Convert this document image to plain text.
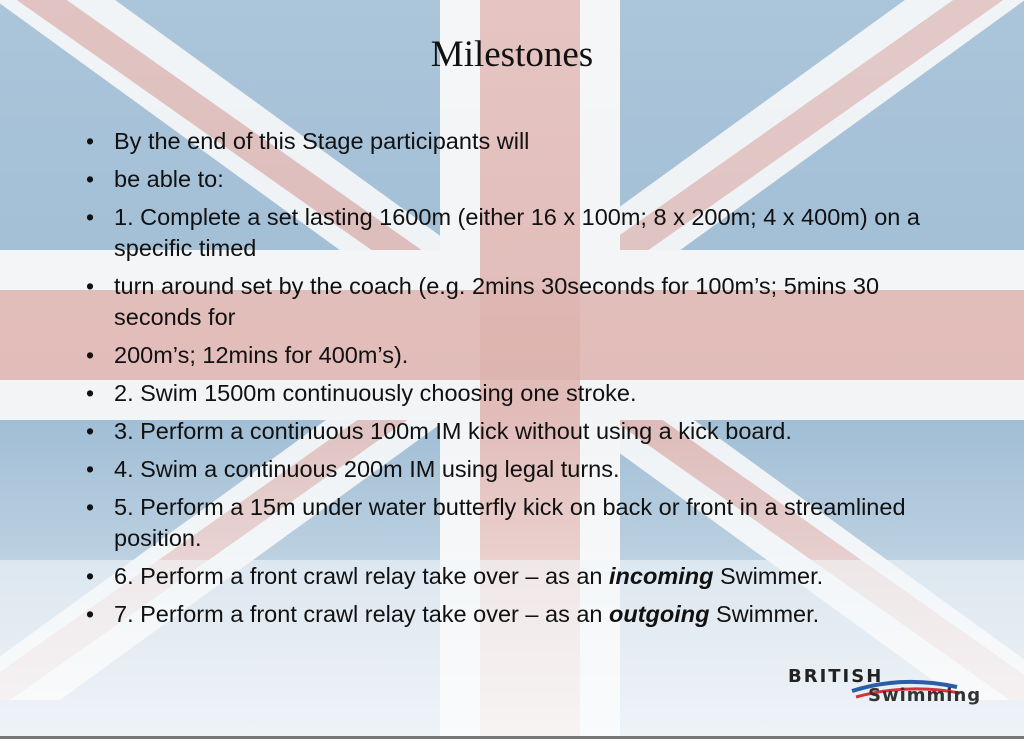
Milestones
• By the end of this Stage participants will
• be able to:
• 1. Complete a set lasting 1600m (either 16 x 100m; 8 x 200m; 4 x 400m) on a specific timed
• turn around set by the coach (e.g. 2mins 30seconds for 100m’s; 5mins 30 seconds for
• 200m’s; 12mins for 400m’s).
• 2. Swim 1500m continuously choosing one stroke.
• 3. Perform a continuous 100m IM kick without using a kick board.
• 4. Swim a continuous 200m IM using legal turns.
• 5. Perform a 15m under water butterfly kick on back or front in a streamlined position.
• 6. Perform a front crawl relay take over – as an incoming Swimmer.
• 7. Perform a front crawl relay take over – as an outgoing Swimmer.
BRITISH
Swimming
